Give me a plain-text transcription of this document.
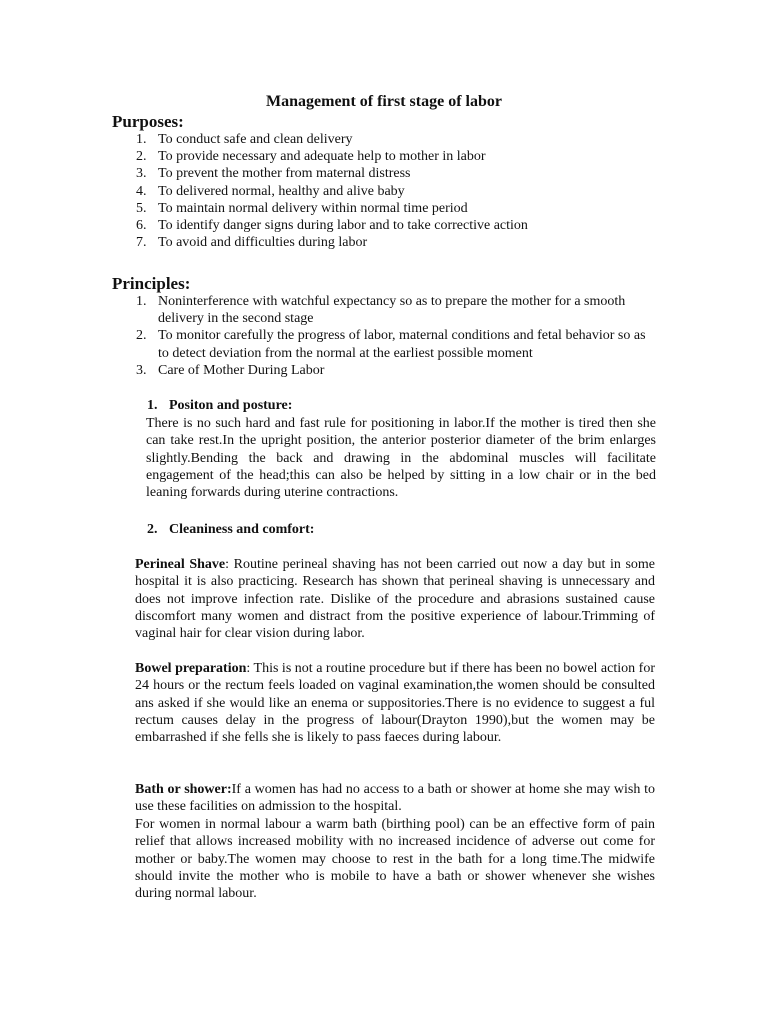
Management of first stage of labor
Purposes:
1. To conduct safe and clean delivery
2. To provide necessary and adequate help to mother in labor
3. To prevent the mother from maternal distress
4. To delivered normal, healthy and alive baby
5. To maintain normal delivery within normal time period
6. To identify danger signs during labor and to take corrective action
7. To avoid and difficulties during labor
Principles:
1. Noninterference with watchful expectancy so as to prepare the mother for a smooth delivery in the second stage
2. To monitor carefully the progress of labor, maternal conditions and fetal behavior so as to detect deviation from the normal at the earliest possible moment
3. Care of Mother During Labor
1. Positon and posture:

There is no such hard and fast rule for positioning in labor.If the mother is tired then she can take rest.In the upright position, the anterior posterior diameter of the brim enlarges slightly.Bending the back and drawing in the abdominal muscles will facilitate engagement of the head;this can also be helped by sitting in a low chair or in the bed leaning forwards during uterine contractions.

2. Cleaniness and comfort:

Perineal Shave: Routine perineal shaving has not been carried out now a day but in some hospital it is also practicing. Research has shown that perineal shaving is unnecessary and does not improve infection rate. Dislike of the procedure and abrasions sustained cause discomfort many women and distract from the positive experience of labour.Trimming of vaginal hair for clear vision during labor.

Bowel preparation: This is not a routine procedure but if there has been no bowel action for 24 hours or the rectum feels loaded on vaginal examination,the women should be consulted ans asked if she would like an enema or suppositories.There is no evidence to suggest a ful rectum causes delay in the progress of labour(Drayton 1990),but the women may be embarrashed if she fells she is likely to pass faeces during labour.

Bath or shower:If a women has had no access to a bath or shower at home she may wish to use these facilities on admission to the hospital.

For women in normal labour a warm bath (birthing pool) can be an effective form of pain relief that allows increased mobility with no increased incidence of adverse out come for mother or baby.The women may choose to rest in the bath for a long time.The midwife should invite the mother who is mobile to have a bath or shower whenever she wishes during normal labour.
